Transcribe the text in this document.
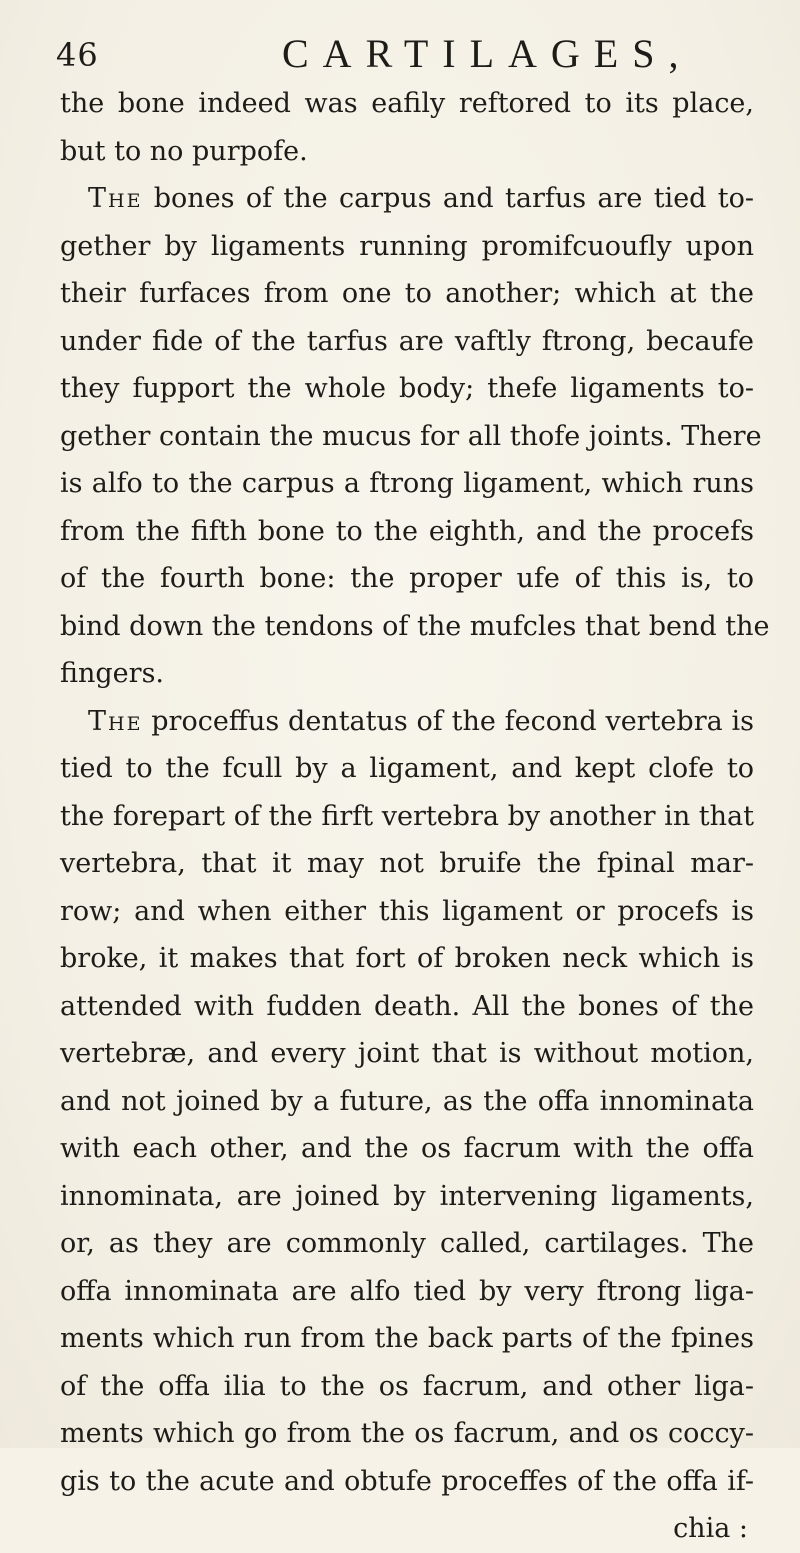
46	CARTILAGES,
the bone indeed was eafily reftored to its place,
but to no purpofe.
The bones of the carpus and tarfus are tied to-
gether by ligaments running promifcuoufly upon
their furfaces from one to another; which at the
under fide of the tarfus are vaftly ftrong, becaufe
they fupport the whole body; thefe ligaments to-
gether contain the mucus for all thofe joints. There
is alfo to the carpus a ftrong ligament, which runs
from the fifth bone to the eighth, and the procefs
of the fourth bone: the proper ufe of this is, to
bind down the tendons of the mufcles that bend the
fingers.
The proceffus dentatus of the fecond vertebra is
tied to the fcull by a ligament, and kept clofe to
the forepart of the firft vertebra by another in that
vertebra, that it may not bruife the fpinal mar-
row; and when either this ligament or procefs is
broke, it makes that fort of broken neck which is
attended with fudden death. All the bones of the
vertebræ, and every joint that is without motion,
and not joined by a future, as the offa innominata
with each other, and the os facrum with the offa
innominata, are joined by intervening ligaments,
or, as they are commonly called, cartilages. The
offa innominata are alfo tied by very ftrong liga-
ments which run from the back parts of the fpines
of the offa ilia to the os facrum, and other liga-
ments which go from the os facrum, and os coccy-
gis to the acute and obtufe proceffes of the offa if-
chia :
